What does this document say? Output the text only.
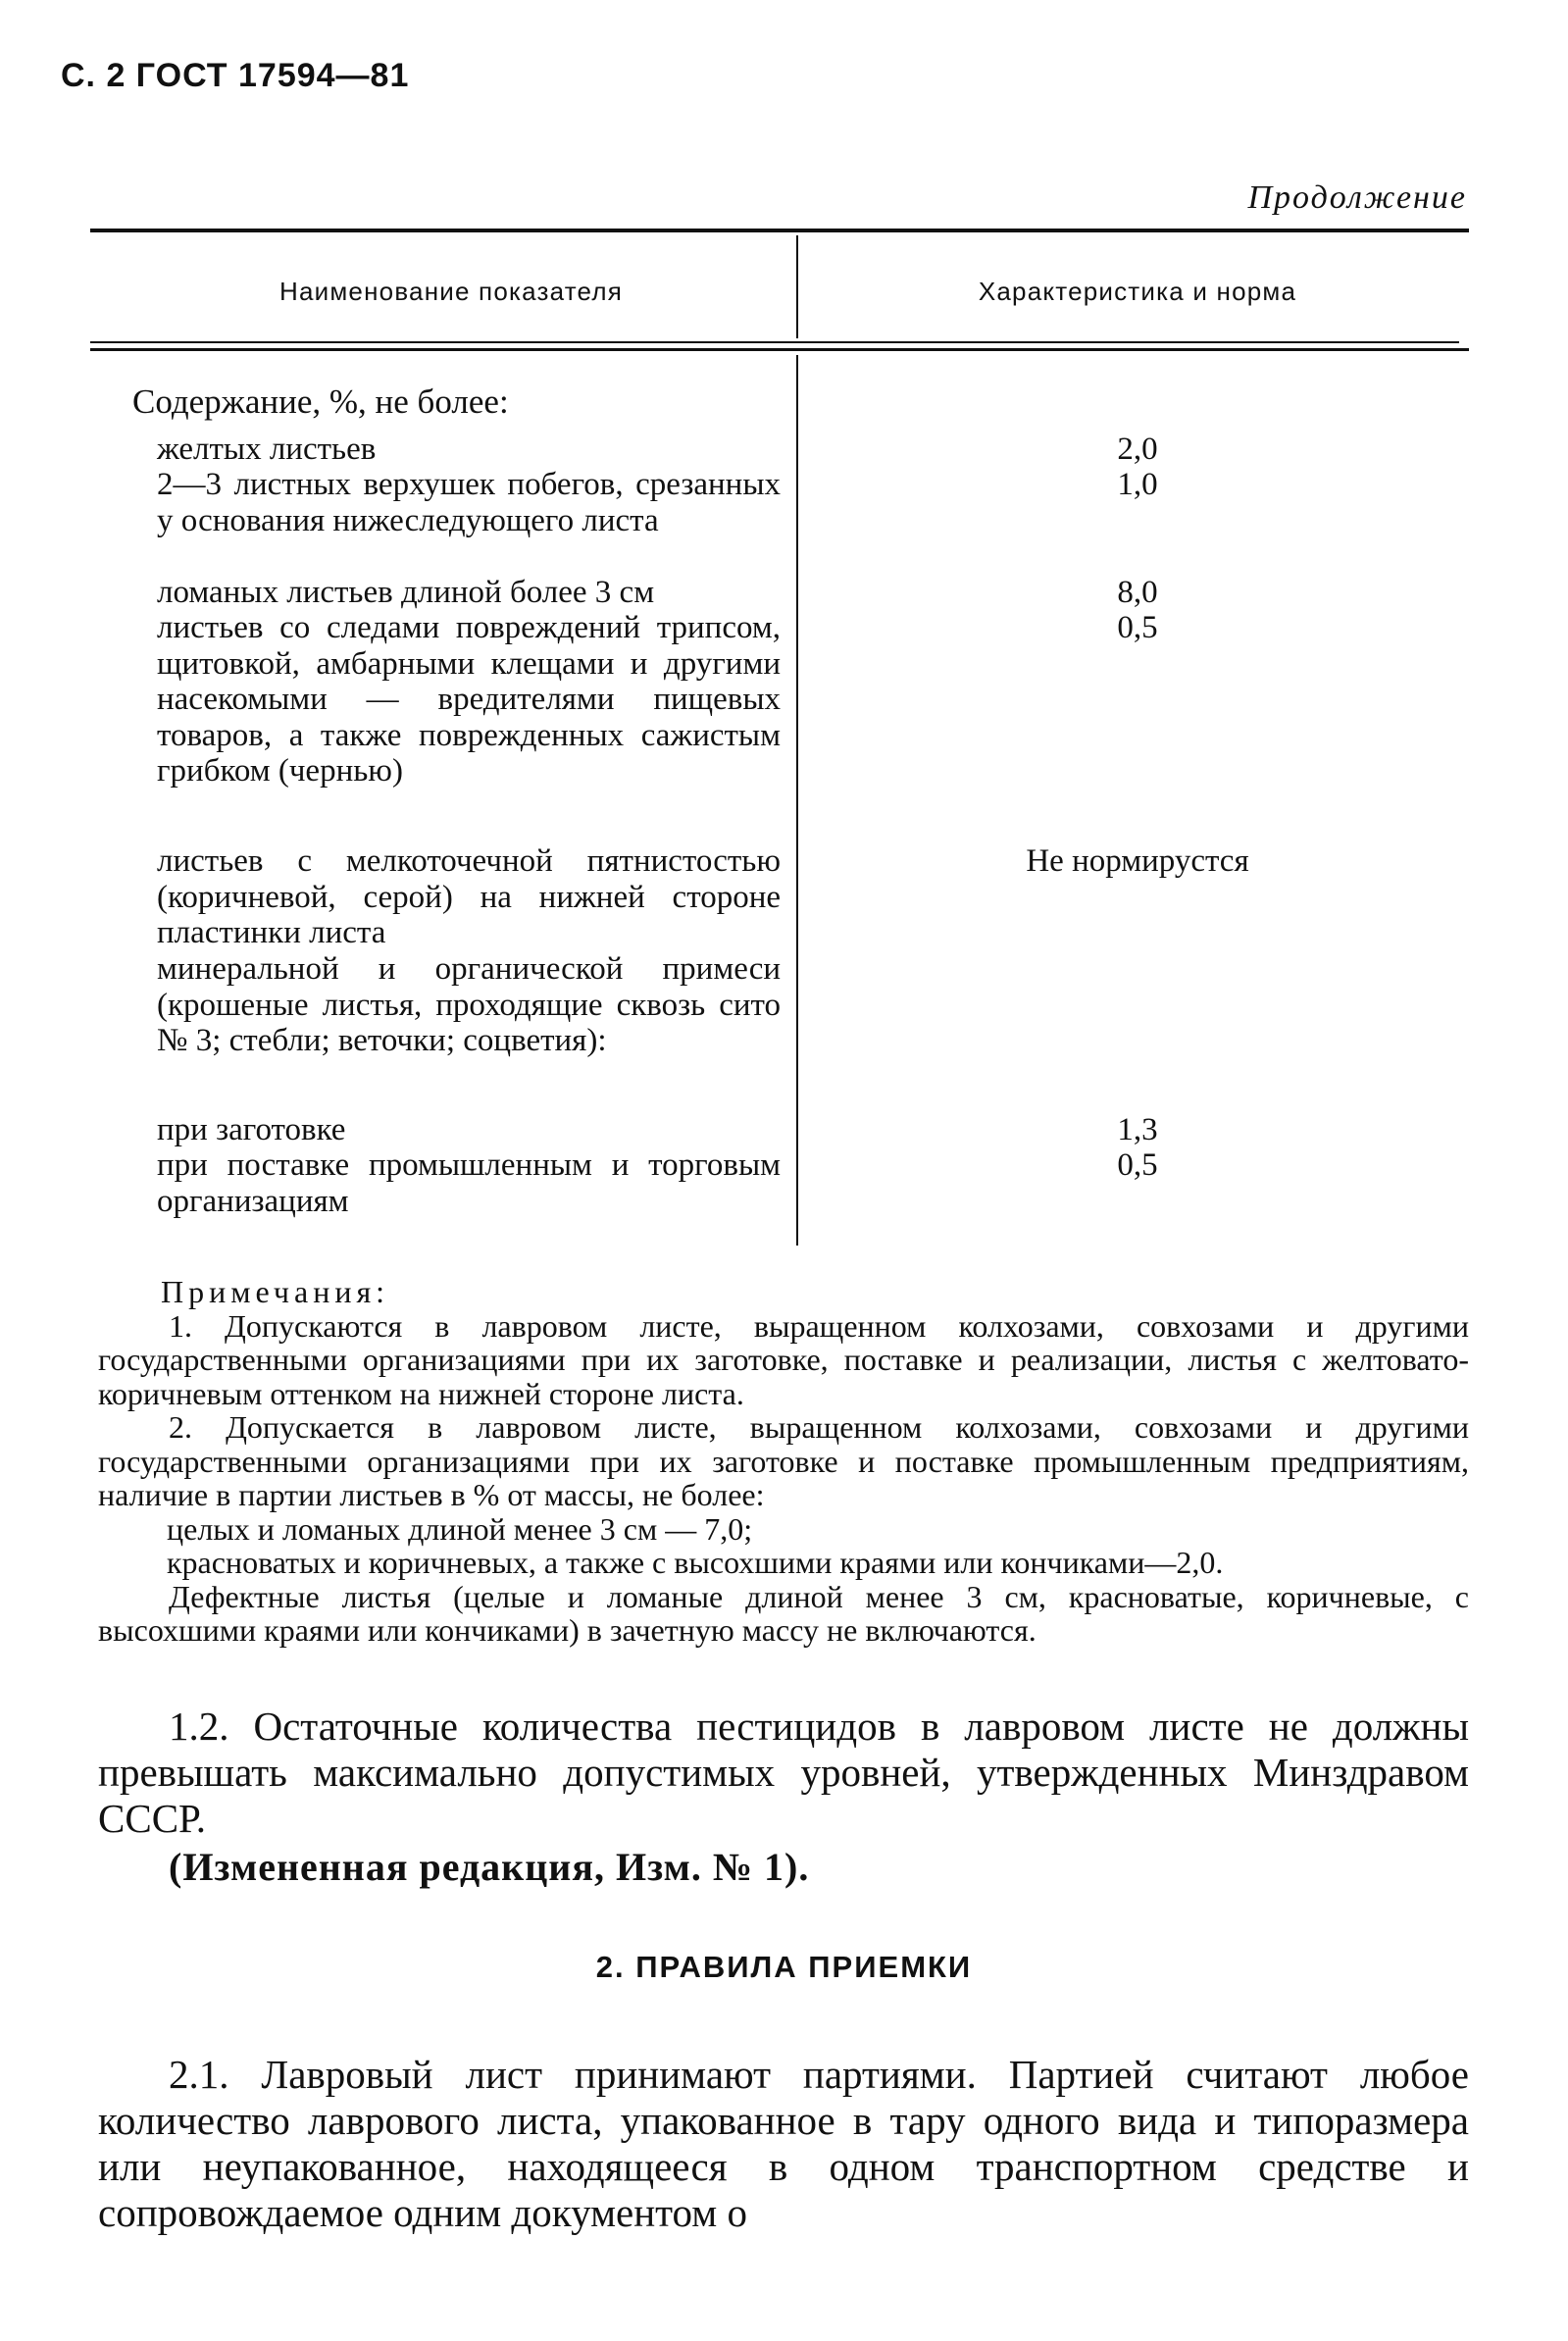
С. 2 ГОСТ 17594—81
Продолжение
Наименование показателя	Характеристика и норма
Содержание, %, не более:
желтых листьев
2—3 листных верхушек побегов, срезанных у основания нижеследующего листа
ломаных листьев длиной более 3 см
листьев со следами повреждений трипсом, щитовкой, амбарными клещами и другими насекомыми — вредителями пищевых товаров, а также поврежденных сажистым грибком (чернью)
листьев с мелкоточечной пятнистостью (коричневой, серой) на нижней стороне пластинки листа
минеральной и органической примеси (крошеные листья, проходящие сквозь сито № 3; стебли; веточки; соцветия):
при заготовке
при поставке промышленным и торговым организациям
2,0
1,0
8,0
0,5
Не нормирустся
1,3
0,5
Примечания:

1. Допускаются в лавровом листе, выращенном колхозами, совхозами и другими государственными организациями при их заготовке, поставке и реализации, листья с желтовато-коричневым оттенком на нижней стороне листа.

2. Допускается в лавровом листе, выращенном колхозами, совхозами и другими государственными организациями при их заготовке и поставке промышленным предприятиям, наличие в партии листьев в % от массы, не более:

целых и ломаных длиной менее 3 см — 7,0;

красноватых и коричневых, а также с высохшими краями или кончиками—2,0.

Дефектные листья (целые и ломаные длиной менее 3 см, красноватые, коричневые, с высохшими краями или кончиками) в зачетную массу не включаются.

1.2. Остаточные количества пестицидов в лавровом листе не должны превышать максимально допустимых уровней, утвержденных Минздравом СССР.

(Измененная редакция, Изм. № 1).
2. ПРАВИЛА ПРИЕМКИ

2.1. Лавровый лист принимают партиями. Партией считают любое количество лаврового листа, упакованное в тару одного вида и типоразмера или неупакованное, находящееся в одном транспортном средстве и сопровождаемое одним документом о
